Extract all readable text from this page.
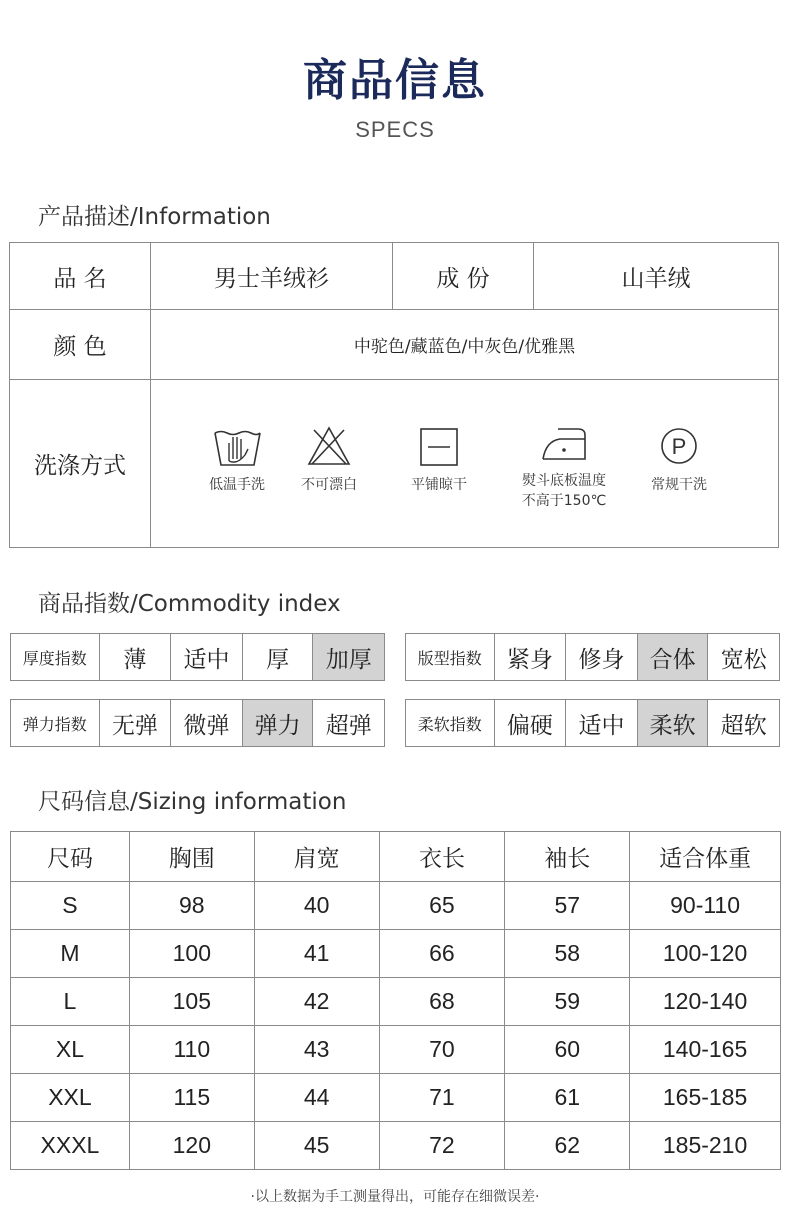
商品信息
SPECS
产品描述/Information
品 名	男士羊绒衫	成 份	山羊绒
颜 色	中驼色/藏蓝色/中灰色/优雅黑
洗涤方式
低温手洗	不可漂白	平铺晾干	熨斗底板温度
不高于150℃
P
常规干洗
商品指数/Commodity index
厚度指数	薄	适中	厚	加厚	版型指数	紧身	修身	合体	宽松
弹力指数	无弹	微弹	弹力	超弹	柔软指数	偏硬	适中	柔软	超软
尺码信息/Sizing information
尺码	胸围	肩宽	衣长	袖长	适合体重
S	98	40	65	57	90-110
M	100	41	66	58	100-120
L	105	42	68	59	120-140
XL	110	43	70	60	140-165
XXL	115	44	71	61	165-185
XXXL	120	45	72	62	185-210
·以上数据为手工测量得出，可能存在细微误差·
